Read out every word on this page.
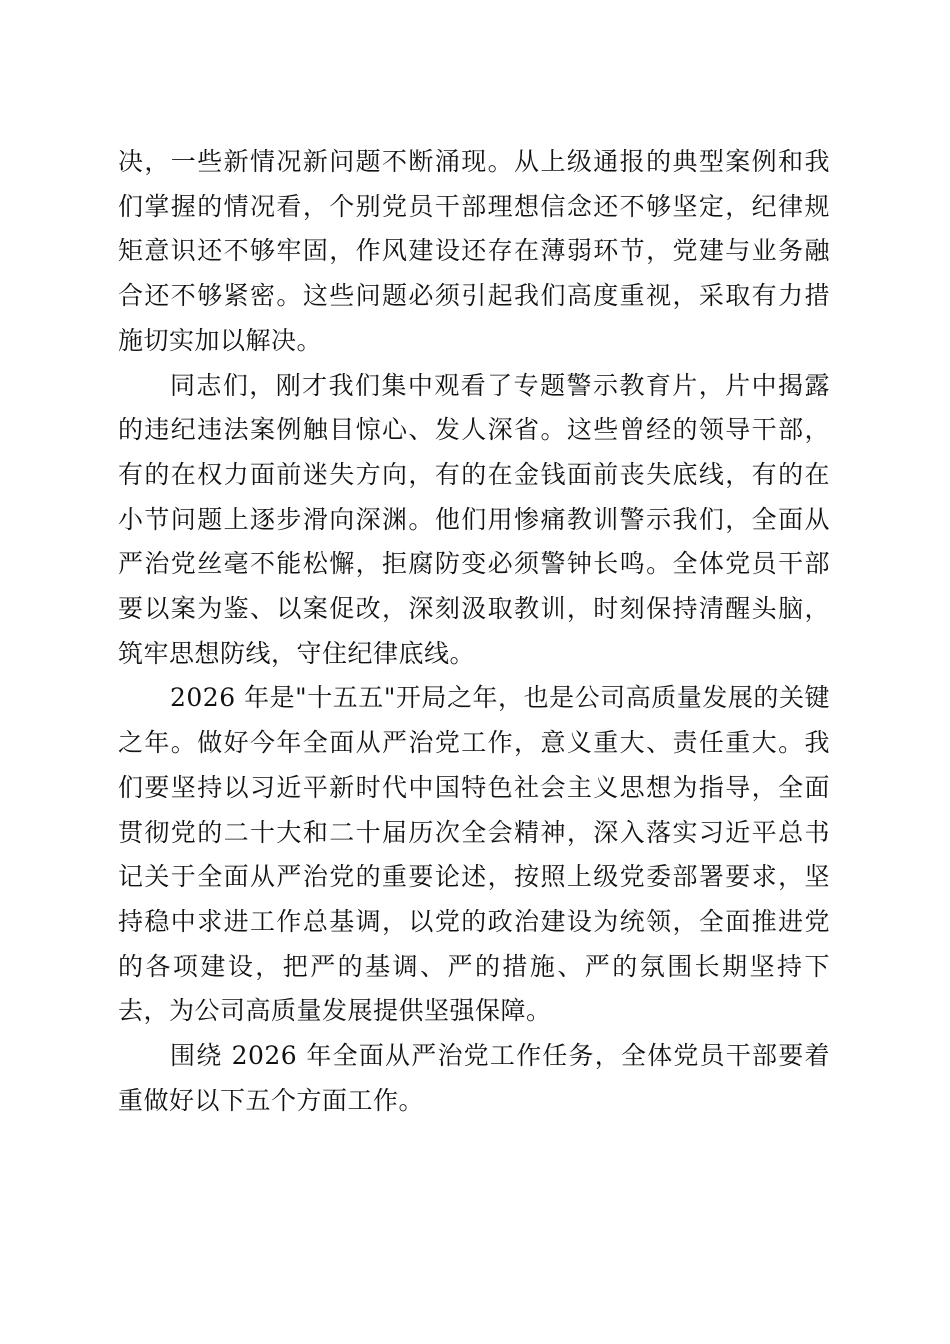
决，一些新情况新问题不断涌现。从上级通报的典型案例和我们掌握的情况看，个别党员干部理想信念还不够坚定，纪律规矩意识还不够牢固，作风建设还存在薄弱环节，党建与业务融合还不够紧密。这些问题必须引起我们高度重视，采取有力措施切实加以解决。

同志们，刚才我们集中观看了专题警示教育片，片中揭露的违纪违法案例触目惊心、发人深省。这些曾经的领导干部，有的在权力面前迷失方向，有的在金钱面前丧失底线，有的在小节问题上逐步滑向深渊。他们用惨痛教训警示我们，全面从严治党丝毫不能松懈，拒腐防变必须警钟长鸣。全体党员干部要以案为鉴、以案促改，深刻汲取教训，时刻保持清醒头脑，筑牢思想防线，守住纪律底线。

2026 年是"十五五"开局之年，也是公司高质量发展的关键之年。做好今年全面从严治党工作，意义重大、责任重大。我们要坚持以习近平新时代中国特色社会主义思想为指导，全面贯彻党的二十大和二十届历次全会精神，深入落实习近平总书记关于全面从严治党的重要论述，按照上级党委部署要求，坚持稳中求进工作总基调，以党的政治建设为统领，全面推进党的各项建设，把严的基调、严的措施、严的氛围长期坚持下去，为公司高质量发展提供坚强保障。

围绕 2026 年全面从严治党工作任务，全体党员干部要着重做好以下五个方面工作。
